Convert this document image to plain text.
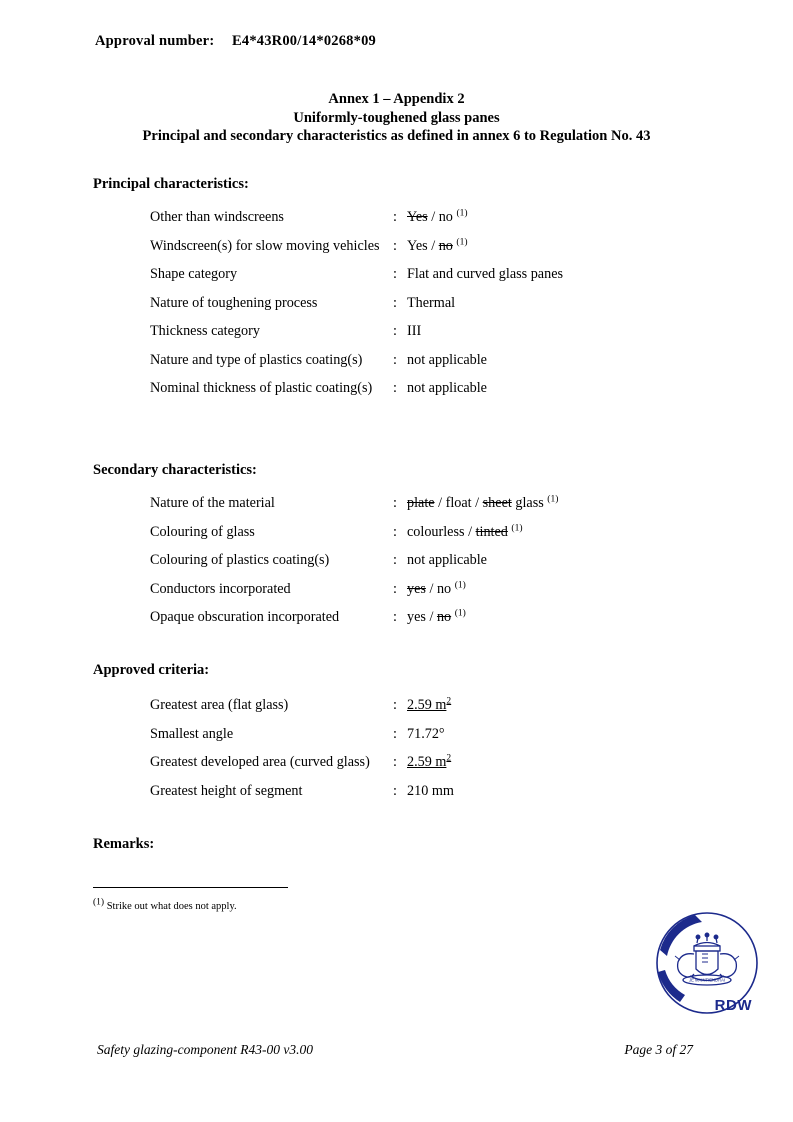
Approval number: E4*43R00/14*0268*09
Annex 1 – Appendix 2
Uniformly-toughened glass panes
Principal and secondary characteristics as defined in annex 6 to Regulation No. 43
Principal characteristics:
Other than windscreens	: Yes / no $^{(1)}$
Windscreen(s) for slow moving vehicles : Yes / no $^{(1)}$
Shape category	: Flat and curved glass panes
Nature of toughening process	: Thermal
Thickness category	: III
Nature and type of plastics coating(s) : not applicable
Nominal thickness of plastic coating(s) : not applicable
Secondary characteristics:
Nature of the material	: plate / float / sheet glass $^{(1)}$
Colouring of glass	: colourless / tinted $^{(1)}$
Colouring of plastics coating(s)	: not applicable
Conductors incorporated	: yes / no $^{(1)}$
Opaque obscuration incorporated	: yes / no $^{(1)}$
Approved criteria:
Greatest area (flat glass)	: 2.59 $m^2$
Smallest angle	: 71.72°
Greatest developed area (curved glass) : 2.59 $m^2$
Greatest height of segment	: 210 mm
Remarks:
$^{(1)}$ Strike out what does not apply.
JE MAINTIENDRAI
RDW
Safety glazing-component R43-00 v3.00	Page 3 of 27
